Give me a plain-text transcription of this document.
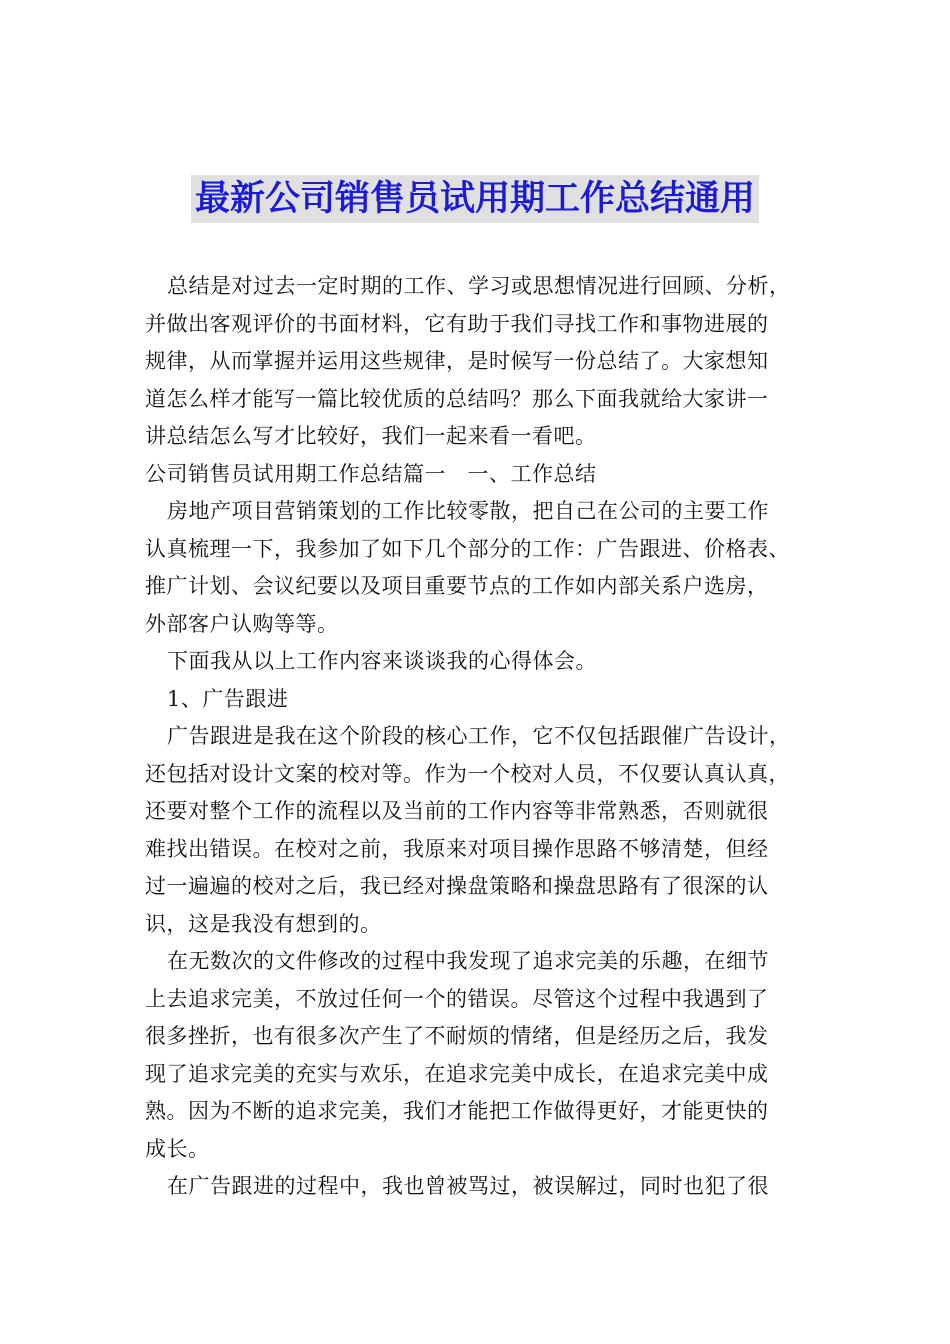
最新公司销售员试用期工作总结通用
总结是对过去一定时期的工作、学习或思想情况进行回顾、分析，
并做出客观评价的书面材料，它有助于我们寻找工作和事物进展的
规律，从而掌握并运用这些规律，是时候写一份总结了。大家想知
道怎么样才能写一篇比较优质的总结吗？那么下面我就给大家讲一
讲总结怎么写才比较好，我们一起来看一看吧。
公司销售员试用期工作总结篇一　一、工作总结
房地产项目营销策划的工作比较零散，把自己在公司的主要工作
认真梳理一下，我参加了如下几个部分的工作：广告跟进、价格表、
推广计划、会议纪要以及项目重要节点的工作如内部关系户选房，
外部客户认购等等。
下面我从以上工作内容来谈谈我的心得体会。
1、广告跟进
广告跟进是我在这个阶段的核心工作，它不仅包括跟催广告设计，
还包括对设计文案的校对等。作为一个校对人员，不仅要认真认真，
还要对整个工作的流程以及当前的工作内容等非常熟悉，否则就很
难找出错误。在校对之前，我原来对项目操作思路不够清楚，但经
过一遍遍的校对之后，我已经对操盘策略和操盘思路有了很深的认
识，这是我没有想到的。
在无数次的文件修改的过程中我发现了追求完美的乐趣，在细节
上去追求完美，不放过任何一个的错误。尽管这个过程中我遇到了
很多挫折，也有很多次产生了不耐烦的情绪，但是经历之后，我发
现了追求完美的充实与欢乐，在追求完美中成长，在追求完美中成
熟。因为不断的追求完美，我们才能把工作做得更好，才能更快的
成长。
在广告跟进的过程中，我也曾被骂过，被误解过，同时也犯了很
